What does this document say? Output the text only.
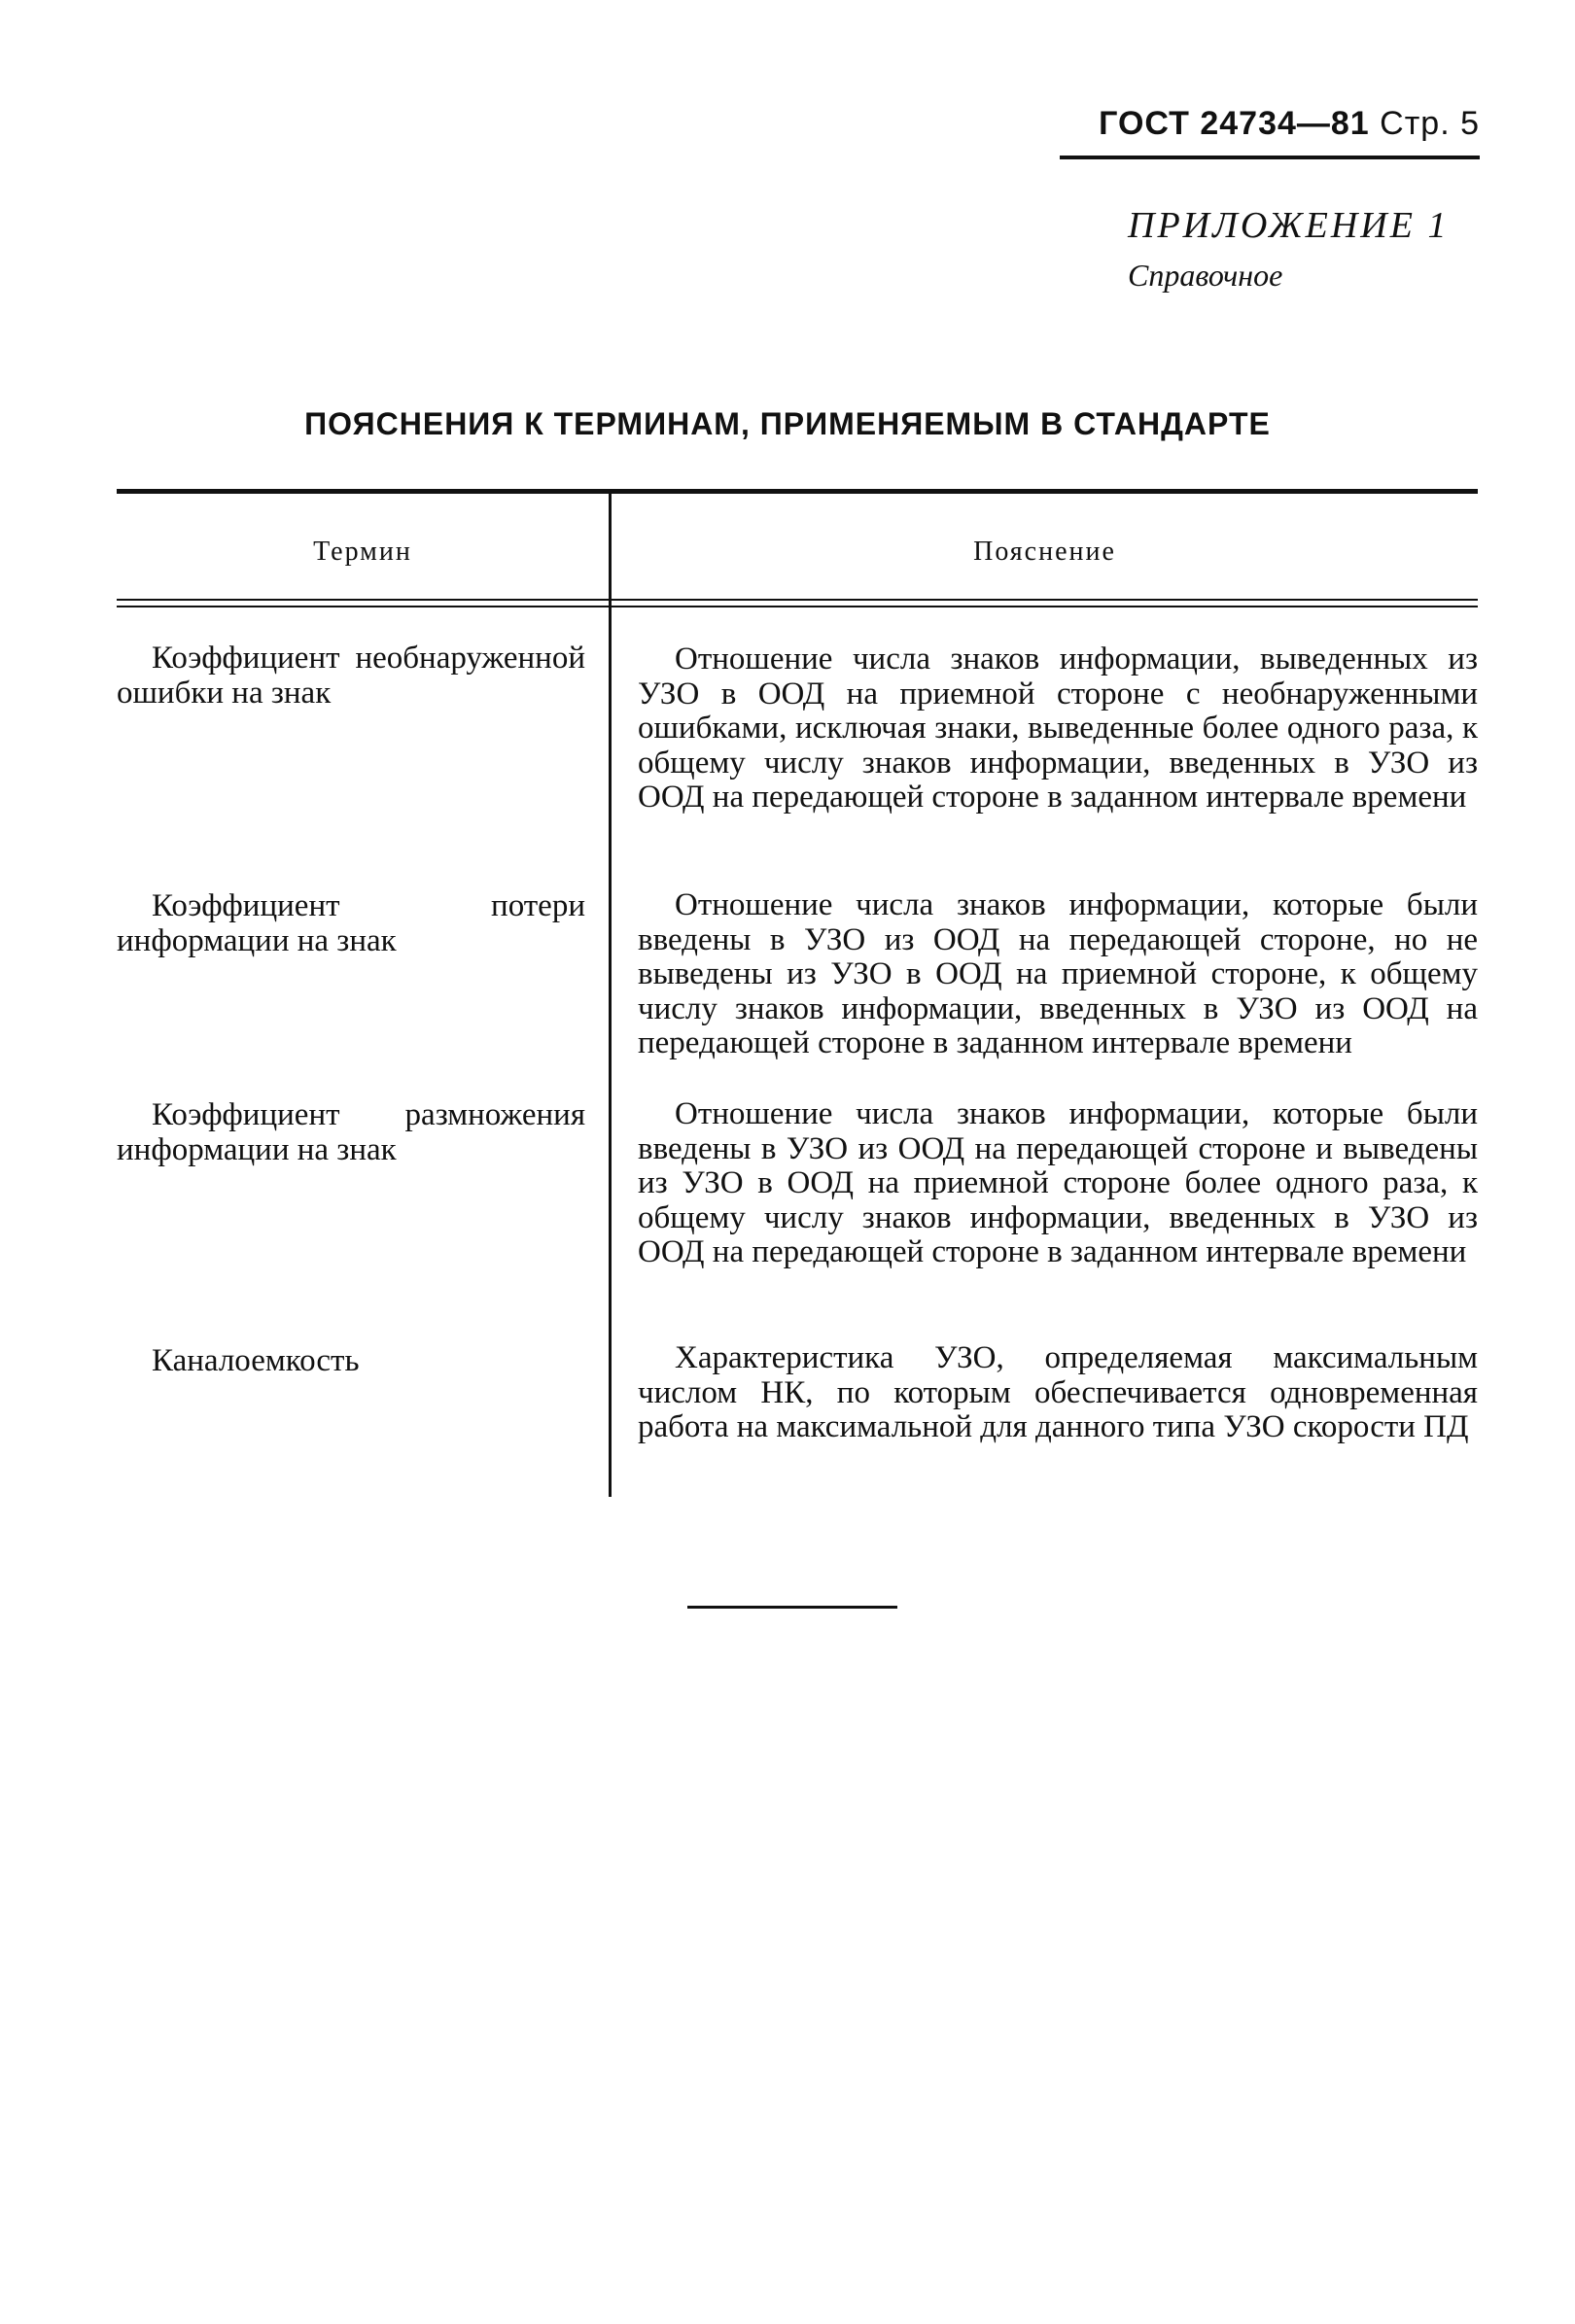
ГОСТ 24734—81 Стр. 5
ПРИЛОЖЕНИЕ 1
Справочное
ПОЯСНЕНИЯ К ТЕРМИНАМ, ПРИМЕНЯЕМЫМ В СТАНДАРТЕ
Термин	Пояснение
Коэффициент необнаруженной ошибки на знак
Отношение числа знаков информации, выведенных из УЗО в ООД на приемной стороне с необнаруженными ошибками, исключая знаки, выведенные более одного раза, к общему числу знаков информации, введенных в УЗО из ООД на передающей стороне в заданном интервале времени
Коэффициент потери информации на знак
Отношение числа знаков информации, которые были введены в УЗО из ООД на передающей стороне, но не выведены из УЗО в ООД на приемной стороне, к общему числу знаков информации, введенных в УЗО из ООД на передающей стороне в заданном интервале времени
Коэффициент размножения информации на знак
Отношение числа знаков информации, которые были введены в УЗО из ООД на передающей стороне и выведены из УЗО в ООД на приемной стороне более одного раза, к общему числу знаков информации, введенных в УЗО из ООД на передающей стороне в заданном интервале времени
Каналоемкость	Характеристика УЗО, определяемая максимальным числом НК, по которым обеспечивается одновременная работа на максимальной для данного типа УЗО скорости ПД
